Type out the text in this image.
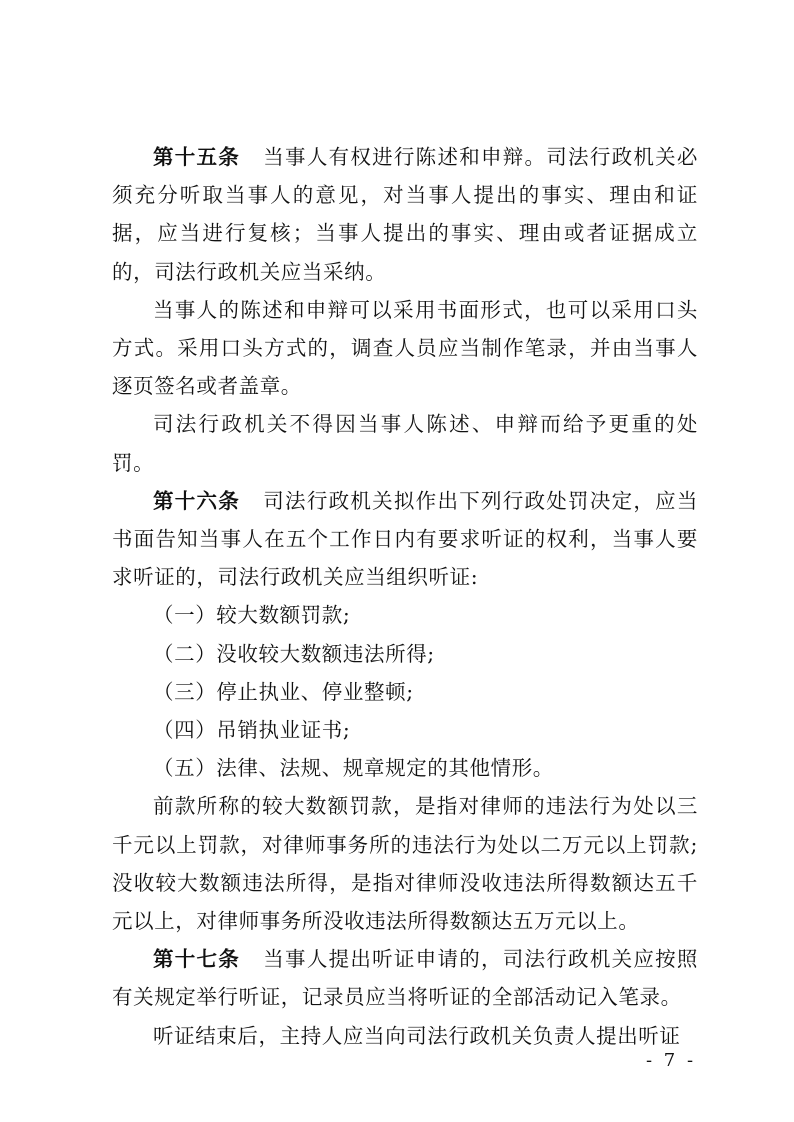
第十五条 当事人有权进行陈述和申辩。司法行政机关必须充分听取当事人的意见，对当事人提出的事实、理由和证据，应当进行复核；当事人提出的事实、理由或者证据成立的，司法行政机关应当采纳。

当事人的陈述和申辩可以采用书面形式，也可以采用口头方式。采用口头方式的，调查人员应当制作笔录，并由当事人逐页签名或者盖章。

司法行政机关不得因当事人陈述、申辩而给予更重的处罚。

第十六条 司法行政机关拟作出下列行政处罚决定，应当书面告知当事人在五个工作日内有要求听证的权利，当事人要求听证的，司法行政机关应当组织听证:

（一）较大数额罚款;

（二）没收较大数额违法所得;

（三）停止执业、停业整顿;

（四）吊销执业证书;

（五）法律、法规、规章规定的其他情形。

前款所称的较大数额罚款，是指对律师的违法行为处以三千元以上罚款，对律师事务所的违法行为处以二万元以上罚款;没收较大数额违法所得，是指对律师没收违法所得数额达五千元以上，对律师事务所没收违法所得数额达五万元以上。

第十七条 当事人提出听证申请的，司法行政机关应按照有关规定举行听证，记录员应当将听证的全部活动记入笔录。

听证结束后，主持人应当向司法行政机关负责人提出听证

- 7 -
